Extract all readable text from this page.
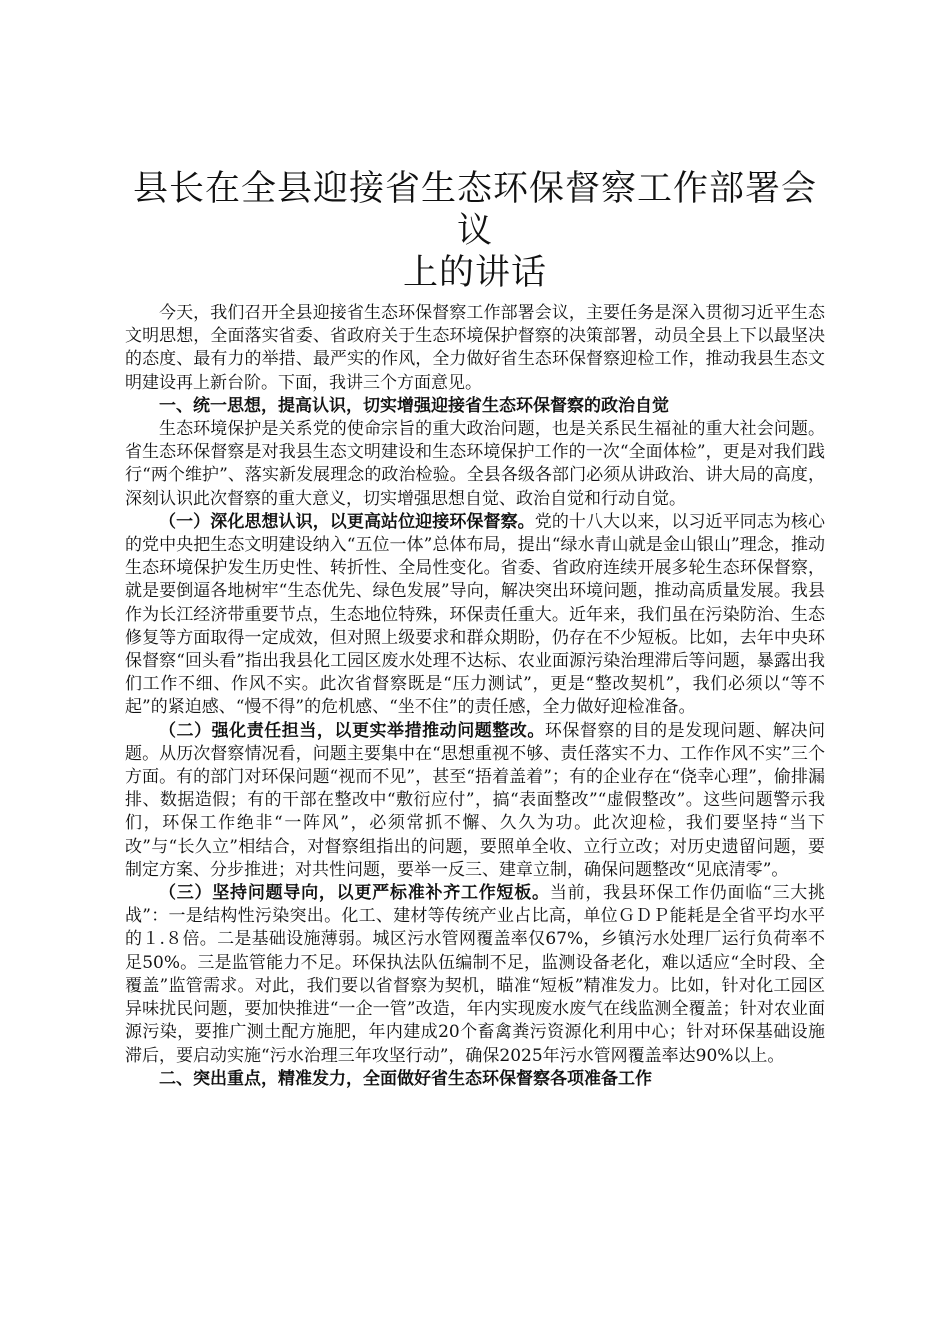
县长在全县迎接省生态环保督察工作部署会议
上的讲话

今天，我们召开全县迎接省生态环保督察工作部署会议，主要任务是深入贯彻习近平生态文明思想，全面落实省委、省政府关于生态环境保护督察的决策部署，动员全县上下以最坚决的态度、最有力的举措、最严实的作风，全力做好省生态环保督察迎检工作，推动我县生态文明建设再上新台阶。下面，我讲三个方面意见。

一、统一思想，提高认识，切实增强迎接省生态环保督察的政治自觉

生态环境保护是关系党的使命宗旨的重大政治问题，也是关系民生福祉的重大社会问题。省生态环保督察是对我县生态文明建设和生态环境保护工作的一次“全面体检”，更是对我们践行“两个维护”、落实新发展理念的政治检验。全县各级各部门必须从讲政治、讲大局的高度，深刻认识此次督察的重大意义，切实增强思想自觉、政治自觉和行动自觉。

（一）深化思想认识，以更高站位迎接环保督察。党的十八大以来，以习近平同志为核心的党中央把生态文明建设纳入“五位一体”总体布局，提出“绿水青山就是金山银山”理念，推动生态环境保护发生历史性、转折性、全局性变化。省委、省政府连续开展多轮生态环保督察，就是要倒逼各地树牢“生态优先、绿色发展”导向，解决突出环境问题，推动高质量发展。我县作为长江经济带重要节点，生态地位特殊，环保责任重大。近年来，我们虽在污染防治、生态修复等方面取得一定成效，但对照上级要求和群众期盼，仍存在不少短板。比如，去年中央环保督察“回头看”指出我县化工园区废水处理不达标、农业面源污染治理滞后等问题，暴露出我们工作不细、作风不实。此次省督察既是“压力测试”，更是“整改契机”，我们必须以“等不起”的紧迫感、“慢不得”的危机感、“坐不住”的责任感，全力做好迎检准备。

（二）强化责任担当，以更实举措推动问题整改。环保督察的目的是发现问题、解决问题。从历次督察情况看，问题主要集中在“思想重视不够、责任落实不力、工作作风不实”三个方面。有的部门对环保问题“视而不见”，甚至“捂着盖着”；有的企业存在“侥幸心理”，偷排漏排、数据造假；有的干部在整改中“敷衍应付”，搞“表面整改”“虚假整改”。这些问题警示我们，环保工作绝非“一阵风”，必须常抓不懈、久久为功。此次迎检，我们要坚持“当下改”与“长久立”相结合，对督察组指出的问题，要照单全收、立行立改；对历史遗留问题，要制定方案、分步推进；对共性问题，要举一反三、建章立制，确保问题整改“见底清零”。

（三）坚持问题导向，以更严标准补齐工作短板。当前，我县环保工作仍面临“三大挑战”：一是结构性污染突出。化工、建材等传统产业占比高，单位ＧＤＰ能耗是全省平均水平的１.８倍。二是基础设施薄弱。城区污水管网覆盖率仅67%，乡镇污水处理厂运行负荷率不足50%。三是监管能力不足。环保执法队伍编制不足，监测设备老化，难以适应“全时段、全覆盖”监管需求。对此，我们要以省督察为契机，瞄准“短板”精准发力。比如，针对化工园区异味扰民问题，要加快推进“一企一管”改造，年内实现废水废气在线监测全覆盖；针对农业面源污染，要推广测土配方施肥，年内建成20个畜禽粪污资源化利用中心；针对环保基础设施滞后，要启动实施“污水治理三年攻坚行动”，确保2025年污水管网覆盖率达90%以上。

二、突出重点，精准发力，全面做好省生态环保督察各项准备工作
